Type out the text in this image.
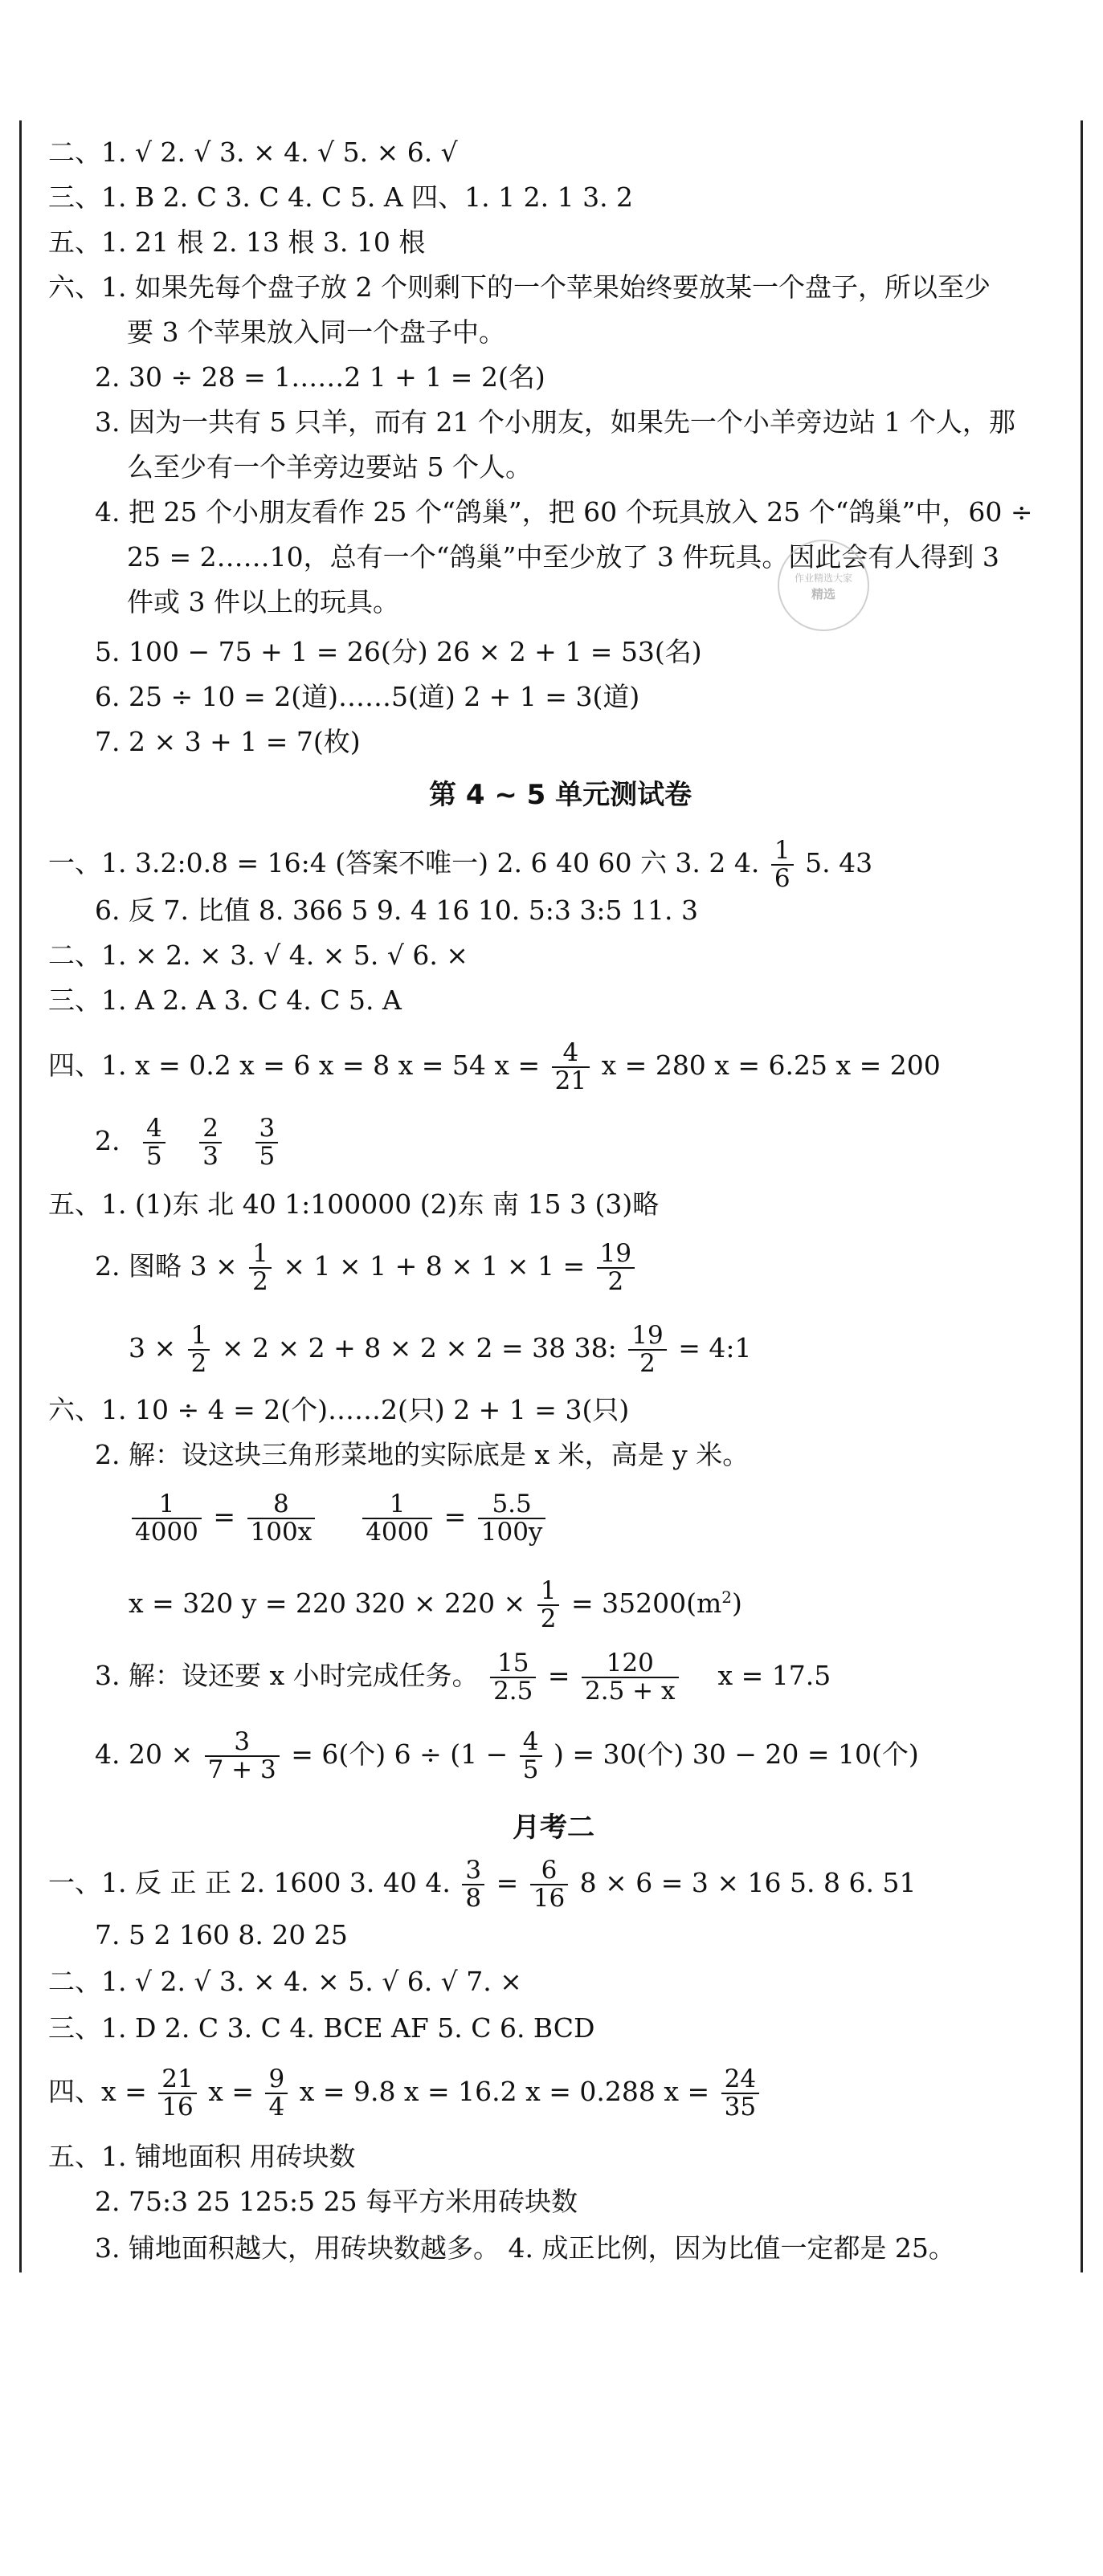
二、1. √ 2. √ 3. × 4. √ 5. × 6. √
三、1. B 2. C 3. C 4. C 5. A 四、1. 1 2. 1 3. 2
五、1. 21 根 2. 13 根 3. 10 根
六、1. 如果先每个盘子放 2 个则剩下的一个苹果始终要放某一个盘子，所以至少
要 3 个苹果放入同一个盘子中。
2. 30 ÷ 28 = 1……2 1 + 1 = 2(名)
3. 因为一共有 5 只羊，而有 21 个小朋友，如果先一个小羊旁边站 1 个人，那
么至少有一个羊旁边要站 5 个人。
4. 把 25 个小朋友看作 25 个“鸽巢”，把 60 个玩具放入 25 个“鸽巢”中，60 ÷
25 = 2……10，总有一个“鸽巢”中至少放了 3 件玩具。因此会有人得到 3
件或 3 件以上的玩具。
5. 100 − 75 + 1 = 26(分) 26 × 2 + 1 = 53(名)
6. 25 ÷ 10 = 2(道)……5(道) 2 + 1 = 3(道)
7. 2 × 3 + 1 = 7(枚)
作业精选大家
精选
第 4 ~ 5 单元测试卷
一、1. 3.2:0.8 = 16:4 (答案不唯一) 2. 6 40 60 六 3. 2 4. $\frac{1}{6} 5$. 43
6. 反 7. 比值 8. 366 5 9. 4 16 10. 5:3 3:5 11. 3
二、1. × 2. × 3. √ 4. × 5. √ 6. ×
三、1. A 2. A 3. C 4. C 5. A
四、1. x = 0.2 x = 6 x = 8 x = 54 $x = \frac{4}{21}$ x = 280 x = 6.25 x = 200
2. $\frac{4}{5}$
$\frac{2}{3}$
$\frac{3}{5}$
五、1. (1)东 北 40 1:100000 (2)东 南 15 3 (3)略
2. 图略 $3 \times \frac{1}{2} \times 1 \times 1 + 8 \times 1 \times 1 = \frac{19}{2}$
$3 \times \frac{1}{2} \times 2 \times 2 + 8 \times 2 \times 2 = 38$ 38: $\frac{19}{2}$ = 4:1
六、1. 10 ÷ 4 = 2(个)……2(只) 2 + 1 = 3(只)
2. 解：设这块三角形菜地的实际底是 x 米，高是 y 米。
$\frac{1}{4000} = \frac{8}{100x}$
$\frac{1}{4000} = \frac{5.5}{100y}$
x = 320 y = 220 $320 \times 220 \times \frac{1}{2} = 35200(m^2)$
3. 解：设还要 x 小时完成任务。 $\frac{15}{2.5} = \frac{120}{2.5 + x}$ x = 17.5
4. $20 \times \frac{3}{7 + 3} = 6$(个) $6 \div (1 - \frac{4}{5}$ ) = 30(个) 30 − 20 = 10(个)
月考二
一、1. 反 正 正 2. 1600 3. 40 4. $\frac{3}{8} = \frac{6}{16} 8 \times 6 = 3 \times 16$ 5. 8 6. 51
7. 5 2 160 8. 20 25
二、1. √ 2. √ 3. × 4. × 5. √ 6. √ 7. ×
三、1. D 2. C 3. C 4. BCE AF 5. C 6. BCD
四、$x = \frac{21}{16}$ $x = \frac{9}{4}$ x = 9.8 x = 16.2 x = 0.288 $x = \frac{24}{35}$
五、1. 铺地面积 用砖块数
2. 75:3 25 125:5 25 每平方米用砖块数
3. 铺地面积越大，用砖块数越多。 4. 成正比例，因为比值一定都是 25。
